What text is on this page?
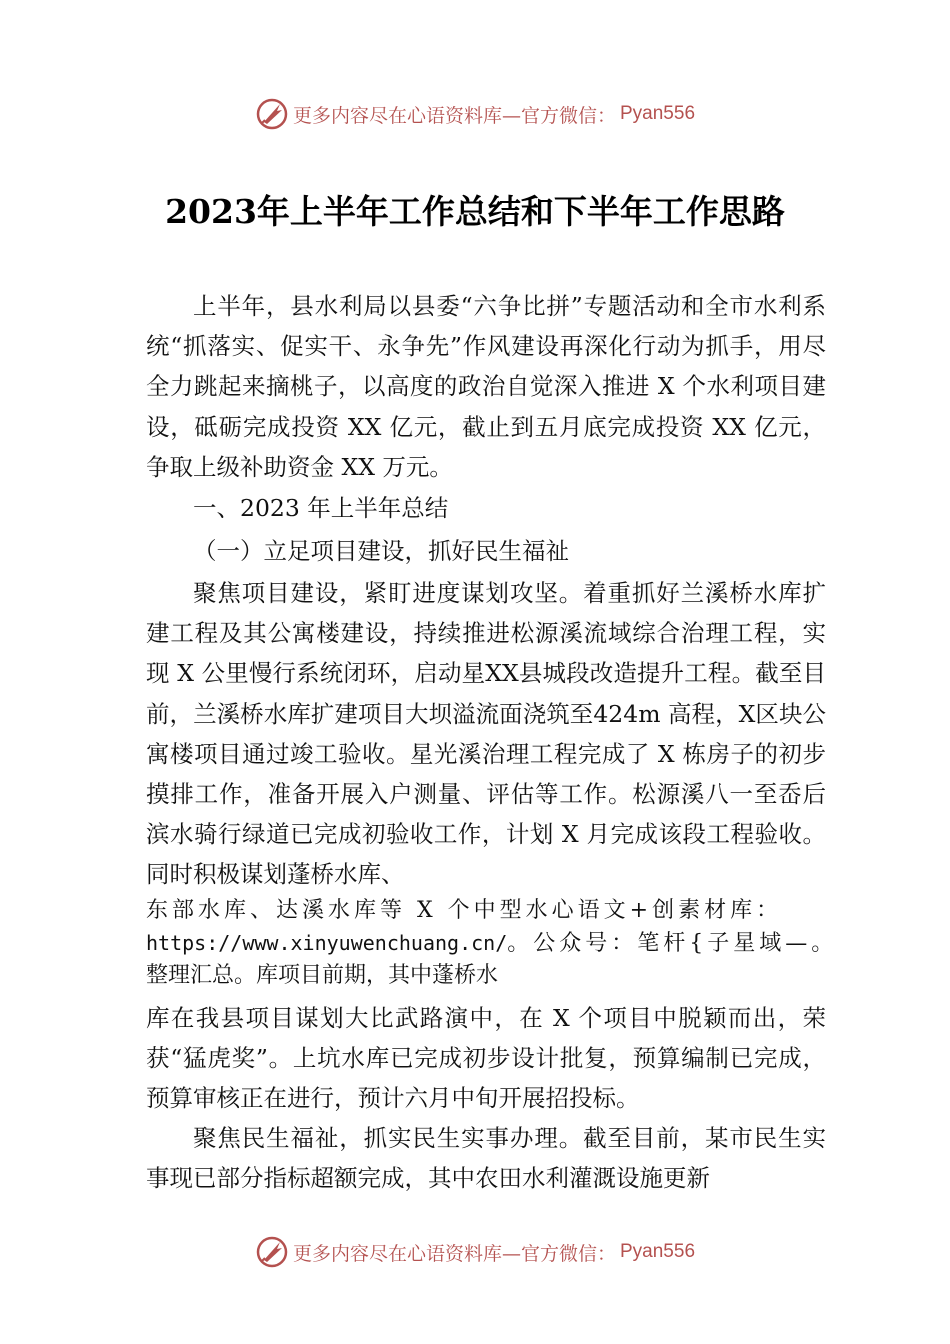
更多内容尽在心语资料库—官方微信： Pyan556
2023年上半年工作总结和下半年工作思路

上半年，县水利局以县委“六争比拼”专题活动和全市水利系统“抓落实、促实干、永争先”作风建设再深化行动为抓手，用尽全力跳起来摘桃子，以高度的政治自觉深入推进 X 个水利项目建设，砥砺完成投资 XX 亿元，截止到五月底完成投资 XX 亿元，争取上级补助资金 XX 万元。

一、2023 年上半年总结

（一）立足项目建设，抓好民生福祉

聚焦项目建设，紧盯进度谋划攻坚。着重抓好兰溪桥水库扩建工程及其公寓楼建设，持续推进松源溪流域综合治理工程，实现 X 公里慢行系统闭环，启动星XX县城段改造提升工程。截至目前，兰溪桥水库扩建项目大坝溢流面浇筑至424m 高程，X区块公寓楼项目通过竣工验收。星光溪治理工程完成了 X 栋房子的初步摸排工作，准备开展入户测量、评估等工作。松源溪八一至岙后滨水骑行绿道已完成初验收工作，计划 X 月完成该段工程验收。同时积极谋划蓬桥水库、

东部水库、达溪水库等 X 个中型水心语文+创素材库：

https://www.xinyuwenchuang.cn/。公众号：笔杆{子星域—。

整理汇总。库项目前期，其中蓬桥水

库在我县项目谋划大比武路演中，在 X 个项目中脱颖而出，荣获“猛虎奖”。上坑水库已完成初步设计批复，预算编制已完成，预算审核正在进行，预计六月中旬开展招投标。

聚焦民生福祉，抓实民生实事办理。截至目前，某市民生实事现已部分指标超额完成，其中农田水利灌溉设施更新

更多内容尽在心语资料库—官方微信： Pyan556
